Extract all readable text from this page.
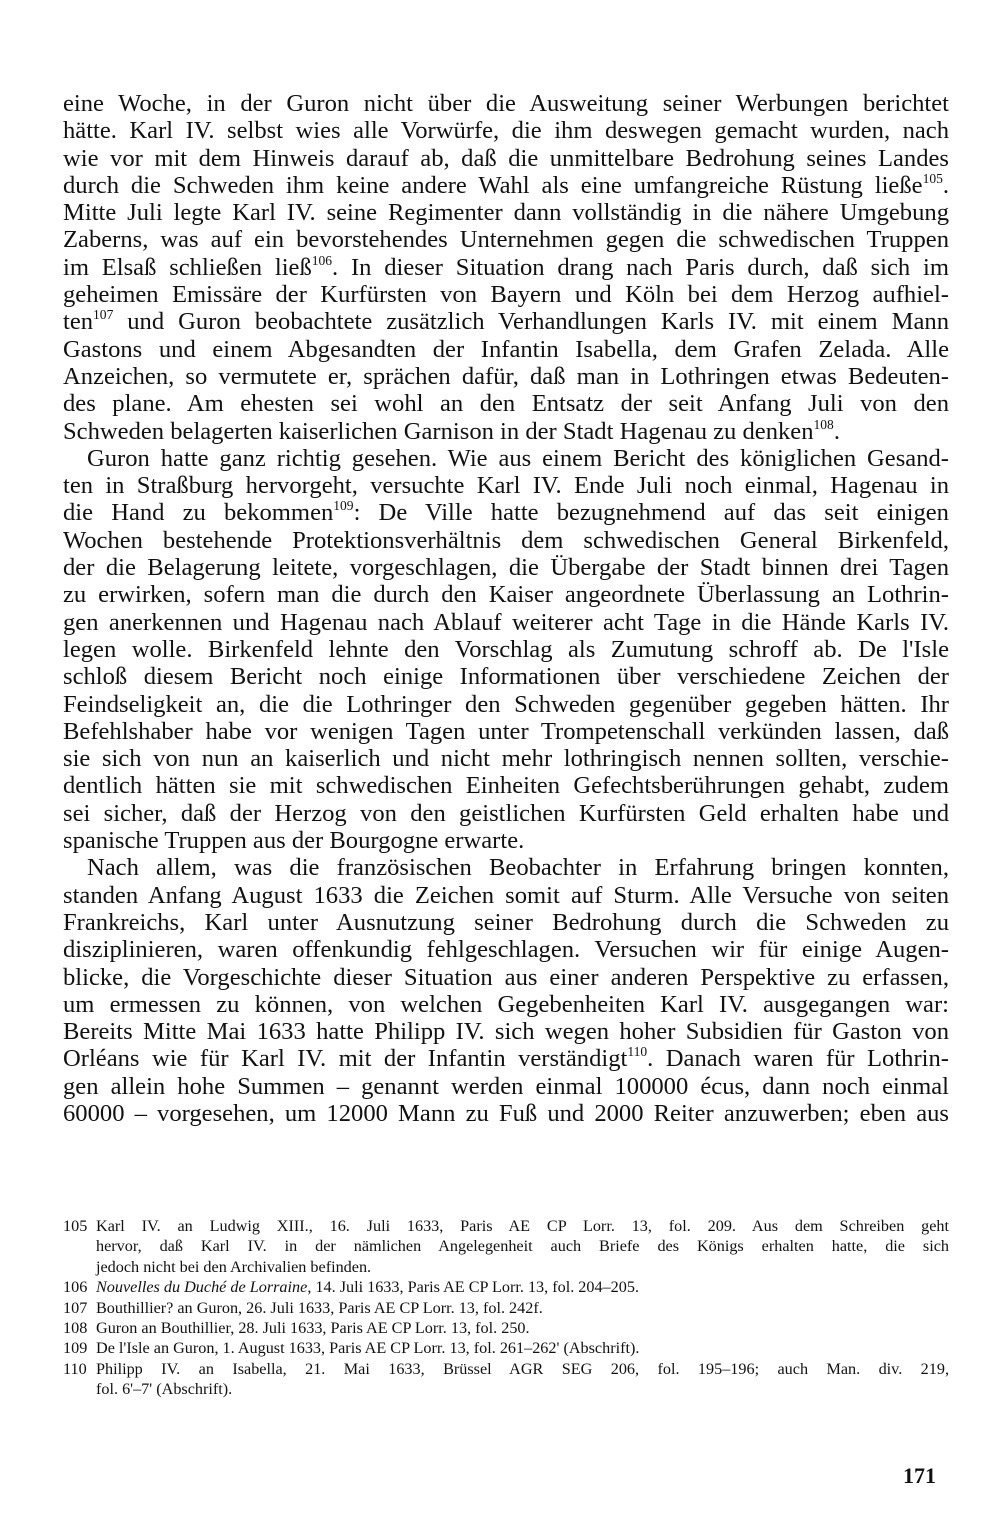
eine Woche, in der Guron nicht über die Ausweitung seiner Werbungen berichtet
hätte. Karl IV. selbst wies alle Vorwürfe, die ihm deswegen gemacht wurden, nach
wie vor mit dem Hinweis darauf ab, daß die unmittelbare Bedrohung seines Landes
durch die Schweden ihm keine andere Wahl als eine umfangreiche Rüstung ließe$^{105}$.
Mitte Juli legte Karl IV. seine Regimenter dann vollständig in die nähere Umgebung
Zaberns, was auf ein bevorstehendes Unternehmen gegen die schwedischen Truppen
im Elsaß schließen ließ$^{106}$. In dieser Situation drang nach Paris durch, daß sich im
geheimen Emissäre der Kurfürsten von Bayern und Köln bei dem Herzog aufhiel-
ten$^{107}$ und Guron beobachtete zusätzlich Verhandlungen Karls IV. mit einem Mann
Gastons und einem Abgesandten der Infantin Isabella, dem Grafen Zelada. Alle
Anzeichen, so vermutete er, sprächen dafür, daß man in Lothringen etwas Bedeuten-
des plane. Am ehesten sei wohl an den Entsatz der seit Anfang Juli von den
Schweden belagerten kaiserlichen Garnison in der Stadt Hagenau zu denken$^{108}$.
Guron hatte ganz richtig gesehen. Wie aus einem Bericht des königlichen Gesand-
ten in Straßburg hervorgeht, versuchte Karl IV. Ende Juli noch einmal, Hagenau in
die Hand zu bekommen$^{109}$: De Ville hatte bezugnehmend auf das seit einigen
Wochen bestehende Protektionsverhältnis dem schwedischen General Birkenfeld,
der die Belagerung leitete, vorgeschlagen, die Übergabe der Stadt binnen drei Tagen
zu erwirken, sofern man die durch den Kaiser angeordnete Überlassung an Lothrin-
gen anerkennen und Hagenau nach Ablauf weiterer acht Tage in die Hände Karls IV.
legen wolle. Birkenfeld lehnte den Vorschlag als Zumutung schroff ab. De l'Isle
schloß diesem Bericht noch einige Informationen über verschiedene Zeichen der
Feindseligkeit an, die die Lothringer den Schweden gegenüber gegeben hätten. Ihr
Befehlshaber habe vor wenigen Tagen unter Trompetenschall verkünden lassen, daß
sie sich von nun an kaiserlich und nicht mehr lothringisch nennen sollten, verschie-
dentlich hätten sie mit schwedischen Einheiten Gefechtsberührungen gehabt, zudem
sei sicher, daß der Herzog von den geistlichen Kurfürsten Geld erhalten habe und
spanische Truppen aus der Bourgogne erwarte.
Nach allem, was die französischen Beobachter in Erfahrung bringen konnten,
standen Anfang August 1633 die Zeichen somit auf Sturm. Alle Versuche von seiten
Frankreichs, Karl unter Ausnutzung seiner Bedrohung durch die Schweden zu
disziplinieren, waren offenkundig fehlgeschlagen. Versuchen wir für einige Augen-
blicke, die Vorgeschichte dieser Situation aus einer anderen Perspektive zu erfassen,
um ermessen zu können, von welchen Gegebenheiten Karl IV. ausgegangen war:
Bereits Mitte Mai 1633 hatte Philipp IV. sich wegen hoher Subsidien für Gaston von
Orléans wie für Karl IV. mit der Infantin verständigt$^{110}$. Danach waren für Lothrin-
gen allein hohe Summen – genannt werden einmal 100000 écus, dann noch einmal
60000 – vorgesehen, um 12000 Mann zu Fuß und 2000 Reiter anzuwerben; eben aus
105 Karl IV. an Ludwig XIII., 16. Juli 1633, Paris AE CP Lorr. 13, fol. 209. Aus dem Schreiben geht
hervor, daß Karl IV. in der nämlichen Angelegenheit auch Briefe des Königs erhalten hatte, die sich
jedoch nicht bei den Archivalien befinden.
106 Nouvelles du Duché de Lorraine, 14. Juli 1633, Paris AE CP Lorr. 13, fol. 204–205.
107 Bouthillier? an Guron, 26. Juli 1633, Paris AE CP Lorr. 13, fol. 242f.
108 Guron an Bouthillier, 28. Juli 1633, Paris AE CP Lorr. 13, fol. 250.
109 De l'Isle an Guron, 1. August 1633, Paris AE CP Lorr. 13, fol. 261–262' (Abschrift).
110 Philipp IV. an Isabella, 21. Mai 1633, Brüssel AGR SEG 206, fol. 195–196; auch Man. div. 219,
fol. 6'–7' (Abschrift).
171
